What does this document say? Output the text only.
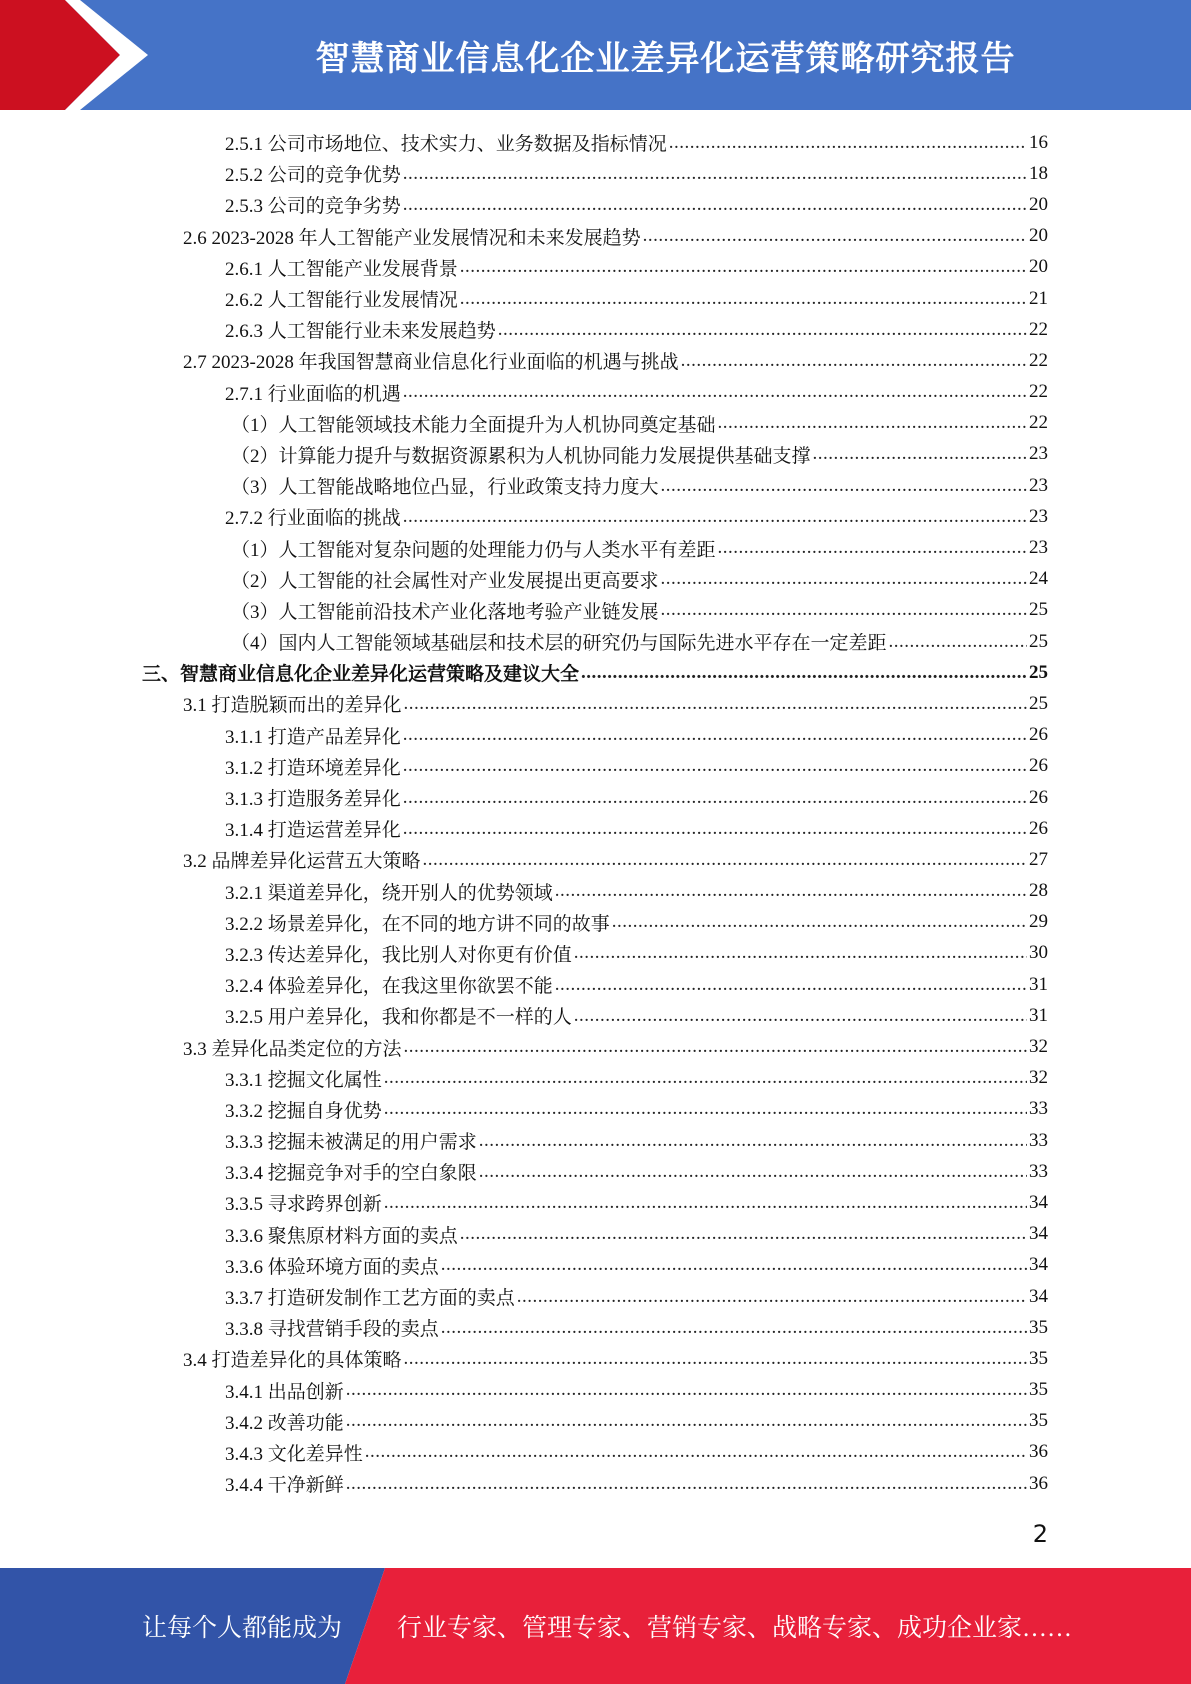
智慧商业信息化企业差异化运营策略研究报告
2.5.1 公司市场地位、技术实力、业务数据及指标情况 .....	16
2.5.2 公司的竞争优势 .....	18
2.5.3 公司的竞争劣势 .....	20
2.6 2023-2028 年人工智能产业发展情况和未来发展趋势 .....	20
2.6.1 人工智能产业发展背景 .....	20
2.6.2 人工智能行业发展情况 .....	21
2.6.3 人工智能行业未来发展趋势 .....	22
2.7 2023-2028 年我国智慧商业信息化行业面临的机遇与挑战 .....	22
2.7.1 行业面临的机遇 .....	22
（1）人工智能领域技术能力全面提升为人机协同奠定基础 .....	22
（2）计算能力提升与数据资源累积为人机协同能力发展提供基础支撑 .....	23
（3）人工智能战略地位凸显，行业政策支持力度大 .....	23
2.7.2 行业面临的挑战 .....	23
（1）人工智能对复杂问题的处理能力仍与人类水平有差距 .....	23
（2）人工智能的社会属性对产业发展提出更高要求 .....	24
（3）人工智能前沿技术产业化落地考验产业链发展 .....	25
（4）国内人工智能领域基础层和技术层的研究仍与国际先进水平存在一定差距 .....	25
三、智慧商业信息化企业差异化运营策略及建议大全 .....	25
3.1 打造脱颖而出的差异化 .....	25
3.1.1 打造产品差异化 .....	26
3.1.2 打造环境差异化 .....	26
3.1.3 打造服务差异化 .....	26
3.1.4 打造运营差异化 .....	26
3.2 品牌差异化运营五大策略 .....	27
3.2.1 渠道差异化，绕开别人的优势领域 .....	28
3.2.2 场景差异化，在不同的地方讲不同的故事 .....	29
3.2.3 传达差异化，我比别人对你更有价值 .....	30
3.2.4 体验差异化，在我这里你欲罢不能 .....	31
3.2.5 用户差异化，我和你都是不一样的人 .....	31
3.3 差异化品类定位的方法 .....	32
3.3.1 挖掘文化属性 .....	32
3.3.2 挖掘自身优势 .....	33
3.3.3 挖掘未被满足的用户需求 .....	33
3.3.4 挖掘竞争对手的空白象限 .....	33
3.3.5 寻求跨界创新 .....	34
3.3.6 聚焦原材料方面的卖点 .....	34
3.3.6 体验环境方面的卖点 .....	34
3.3.7 打造研发制作工艺方面的卖点 .....	34
3.3.8 寻找营销手段的卖点 .....	35
3.4 打造差异化的具体策略 .....	35
3.4.1 出品创新 .....	35
3.4.2 改善功能 .....	35
3.4.3 文化差异性 .....	36
3.4.4 干净新鲜 .....	36
2
让每个人都能成为 行业专家、管理专家、营销专家、战略专家、成功企业家……
